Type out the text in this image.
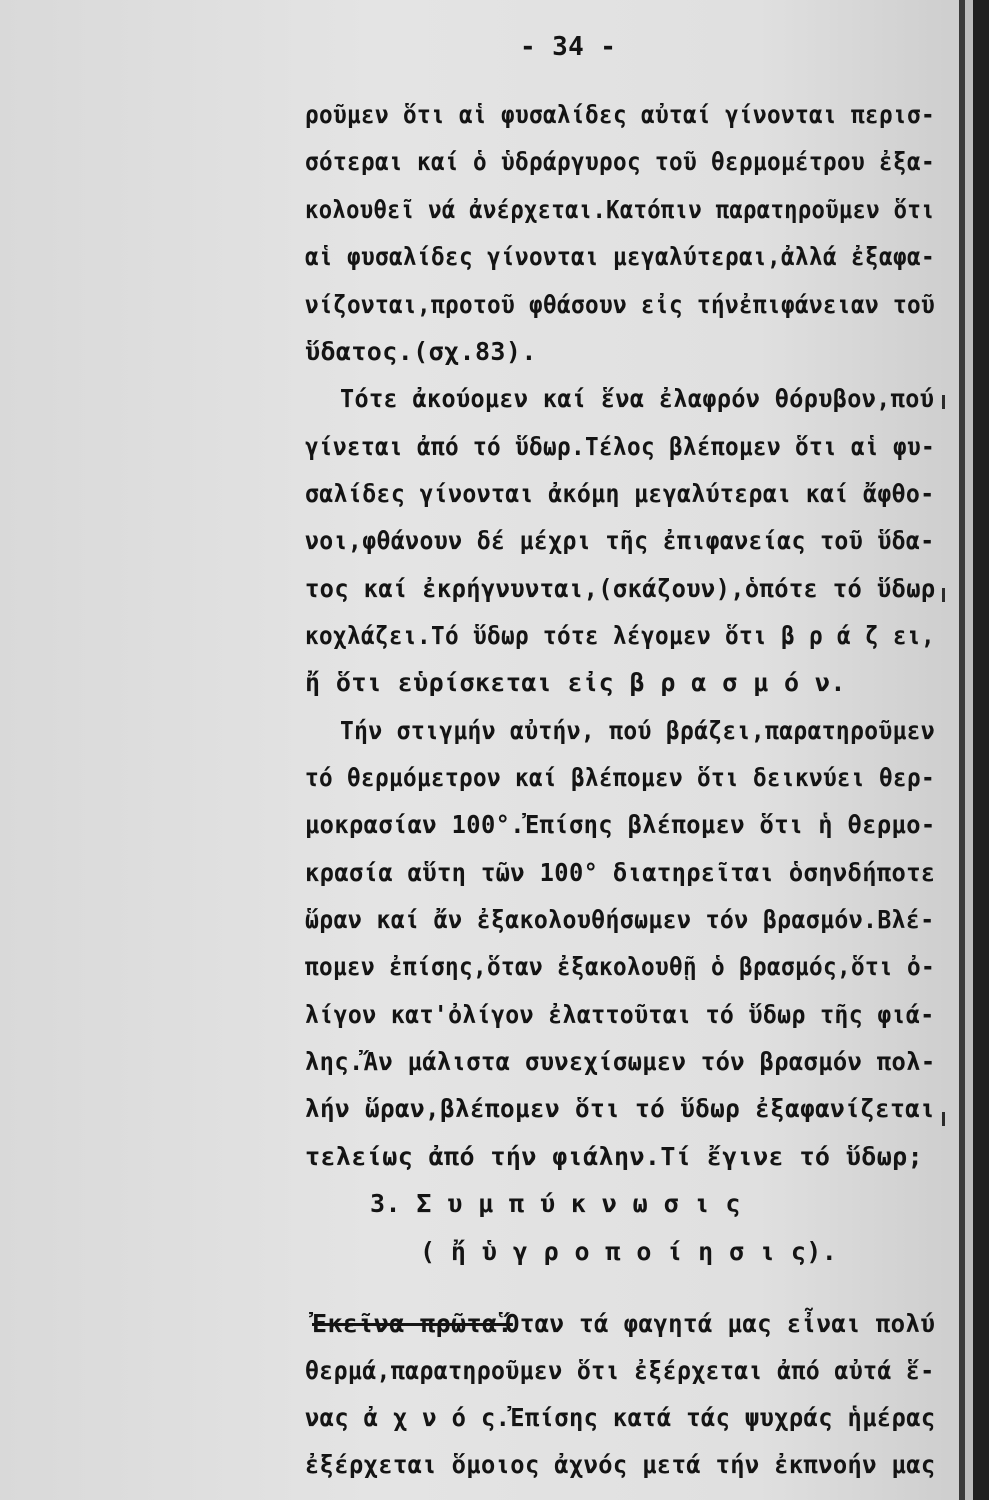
- 34 -
ροῦμεν ὅτι αἱ φυσαλίδες αὐταί γίνονται περισ-
σότεραι καί ὁ ὑδράργυρος τοῦ θερμομέτρου ἐξα-
κολουθεῖ νά ἀνέρχεται.Κατόπιν παρατηροῦμεν ὅτι
αἱ φυσαλίδες γίνονται μεγαλύτεραι,ἀλλά ἐξαφα-
νίζονται,προτοῦ φθάσουν εἰς τήνἐπιφάνειαν τοῦ
ὕδατος.(σχ.83).
Τότε ἀκούομεν καί ἕνα ἐλαφρόν θόρυβον,πού
γίνεται ἀπό τό ὕδωρ.Τέλος βλέπομεν ὅτι αἱ φυ-
σαλίδες γίνονται ἀκόμη μεγαλύτεραι καί ἄφθο-
νοι,φθάνουν δέ μέχρι τῆς ἐπιφανείας τοῦ ὕδα-
τος καί ἐκρήγνυνται,(σκάζουν),ὁπότε τό ὕδωρ
κοχλάζει.Τό ὕδωρ τότε λέγομεν ὅτι β ρ ά ζ ει,
ἤ ὅτι εὑρίσκεται εἰς β ρ α σ μ ό ν.
Τήν στιγμήν αὐτήν, πού βράζει,παρατηροῦμεν
τό θερμόμετρον καί βλέπομεν ὅτι δεικνύει θερ-
μοκρασίαν 100°.Ἐπίσης βλέπομεν ὅτι ἡ θερμο-
κρασία αὕτη τῶν 100° διατηρεῖται ὁσηνδήποτε
ὥραν καί ἄν ἐξακολουθήσωμεν τόν βρασμόν.Βλέ-
πομεν ἐπίσης,ὅταν ἐξακολουθῇ ὁ βρασμός,ὅτι ὀ-
λίγον κατ'ὀλίγον ἐλαττοῦται τό ὕδωρ τῆς φιά-
λης.Ἄν μάλιστα συνεχίσωμεν τόν βρασμόν πολ-
λήν ὥραν,βλέπομεν ὅτι τό ὕδωρ ἐξαφανίζεται
τελείως ἀπό τήν φιάλην.Τί ἔγινε τό ὕδωρ;
3. Σ υ μ π ύ κ ν ω σ ι ς
( ἤ ὑ γ ρ ο π ο ί η σ ι ς).
Ἐκεῖνα πρῶτα.
Ὅταν τά φαγητά μας εἶναι πολύ
θερμά,παρατηροῦμεν ὅτι ἐξέρχεται ἀπό αὐτά ἕ-
νας ἀ χ ν ό ς.Ἐπίσης κατά τάς ψυχράς ἡμέρας
ἐξέρχεται ὅμοιος ἀχνός μετά τήν ἐκπνοήν μας
